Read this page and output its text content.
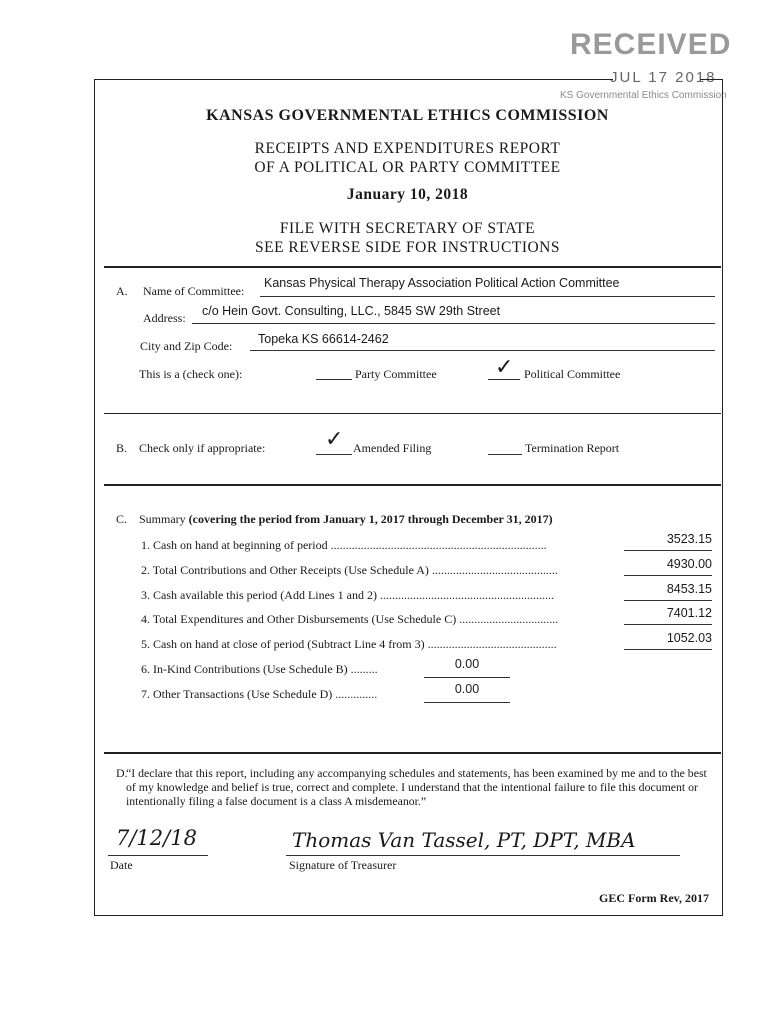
RECEIVED
JUL 17 2018
KS Governmental Ethics Commission
KANSAS GOVERNMENTAL ETHICS COMMISSION
RECEIPTS AND EXPENDITURES REPORT
OF A POLITICAL OR PARTY COMMITTEE
January 10, 2018
FILE WITH SECRETARY OF STATE
SEE REVERSE SIDE FOR INSTRUCTIONS
A. Name of Committee:
Kansas Physical Therapy Association Political Action Committee
Address: c/o Hein Govt. Consulting, LLC., 5845 SW 29th Street
City and Zip Code: Topeka KS 66614-2462
This is a (check one):	Party Committee	✓ Political Committee
B. Check only if appropriate:	✓ Amended Filing	Termination Report
C. Summary (covering the period from January 1, 2017 through December 31, 2017)
1. Cash on hand at beginning of period ........................................................................	3523.15
2. Total Contributions and Other Receipts (Use Schedule A) ..........................................	4930.00
3. Cash available this period (Add Lines 1 and 2) ..........................................................	8453.15
4. Total Expenditures and Other Disbursements (Use Schedule C) .................................	7401.12
5. Cash on hand at close of period (Subtract Line 4 from 3) ...........................................	1052.03
6. In-Kind Contributions (Use Schedule B) .........	0.00
7. Other Transactions (Use Schedule D) ..............	0.00
D.
“I declare that this report, including any accompanying schedules and statements, has been examined by me and to the best of my knowledge and belief is true, correct and complete. I understand that the intentional failure to file this document or intentionally filing a false document is a class A misdemeanor.”
7/12/18
Date
Thomas Van Tassel, PT, DPT, MBA
Signature of Treasurer
GEC Form Rev, 2017
